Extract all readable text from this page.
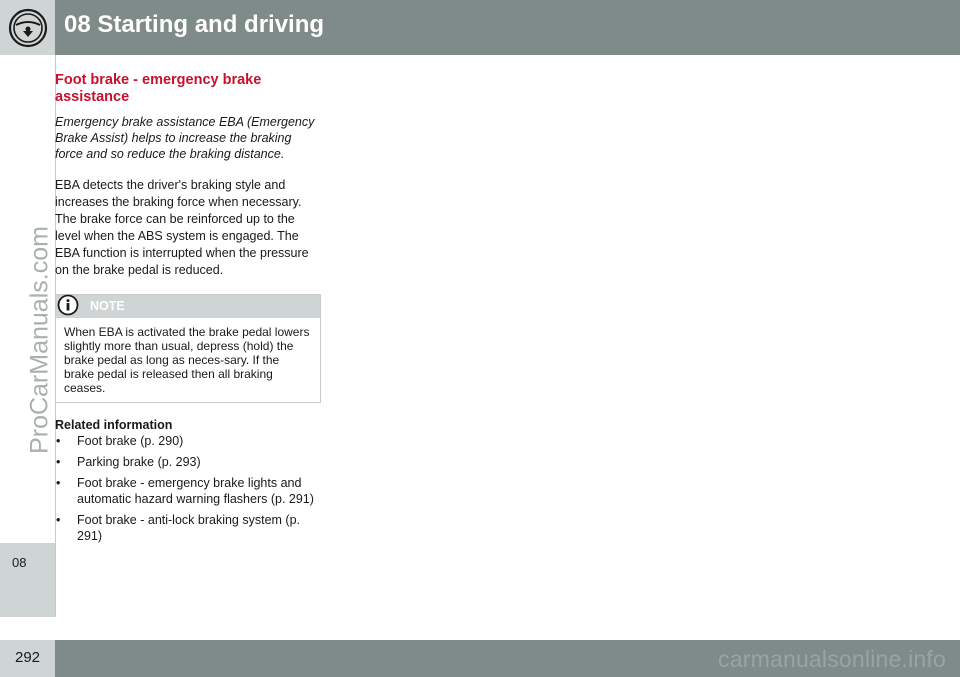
08 Starting and driving
08
ProCarManuals.com
292	carmanualsonline.info
Foot brake - emergency brake assistance

Emergency brake assistance EBA (Emergency Brake Assist) helps to increase the braking force and so reduce the braking distance.

EBA detects the driver's braking style and increases the braking force when necessary. The brake force can be reinforced up to the level when the ABS system is engaged. The EBA function is interrupted when the pressure on the brake pedal is reduced.

NOTE

When EBA is activated the brake pedal lowers slightly more than usual, depress (hold) the brake pedal as long as neces-sary. If the brake pedal is released then all braking ceases.

Related information

• Foot brake (p. 290)
• Parking brake (p. 293)
• Foot brake - emergency brake lights and automatic hazard warning flashers (p. 291)
• Foot brake - anti-lock braking system (p. 291)
